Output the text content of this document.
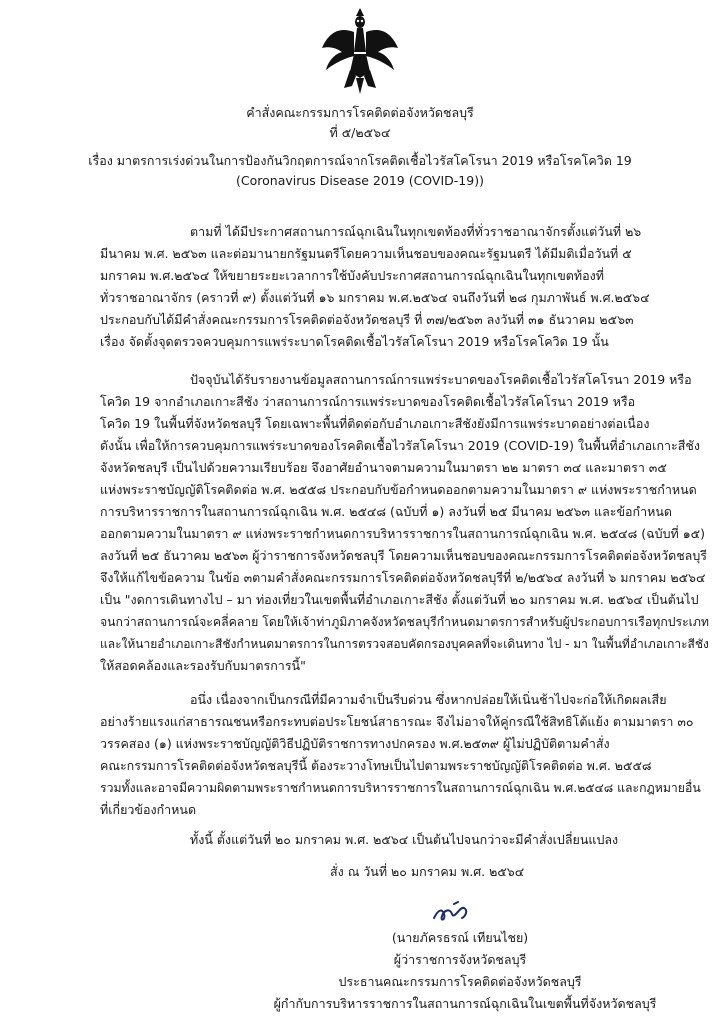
คำสั่งคณะกรรมการโรคติดต่อจังหวัดชลบุรี
ที่ ๕/๒๕๖๔
เรื่อง มาตรการเร่งด่วนในการป้องกันวิกฤตการณ์จากโรคติดเชื้อไวรัสโคโรนา 2019 หรือโรคโควิด 19
(Coronavirus Disease 2019 (COVID-19))
ตามที่ ได้มีประกาศสถานการณ์ฉุกเฉินในทุกเขตท้องที่ทั่วราชอาณาจักรตั้งแต่วันที่ ๒๖
มีนาคม พ.ศ. ๒๕๖๓ และต่อมานายกรัฐมนตรีโดยความเห็นชอบของคณะรัฐมนตรี ได้มีมติเมื่อวันที่ ๕
มกราคม พ.ศ.๒๕๖๔ ให้ขยายระยะเวลาการใช้บังคับประกาศสถานการณ์ฉุกเฉินในทุกเขตท้องที่
ทั่วราชอาณาจักร (คราวที่ ๙) ตั้งแต่วันที่ ๑๖ มกราคม พ.ศ.๒๕๖๔ จนถึงวันที่ ๒๘ กุมภาพันธ์ พ.ศ.๒๕๖๔
ประกอบกับได้มีคำสั่งคณะกรรมการโรคติดต่อจังหวัดชลบุรี ที่ ๓๗/๒๕๖๓ ลงวันที่ ๓๑ ธันวาคม ๒๕๖๓
เรื่อง จัดตั้งจุดตรวจควบคุมการแพร่ระบาดโรคติดเชื้อไวรัสโคโรนา 2019 หรือโรคโควิด 19 นั้น
ปัจจุบันได้รับรายงานข้อมูลสถานการณ์การแพร่ระบาดของโรคติดเชื้อไวรัสโคโรนา 2019 หรือ
โควิด 19 จากอำเภอเกาะสีชัง ว่าสถานการณ์การแพร่ระบาดของโรคติดเชื้อไวรัสโคโรนา 2019 หรือ
โควิด 19 ในพื้นที่จังหวัดชลบุรี โดยเฉพาะพื้นที่ติดต่อกับอำเภอเกาะสีชังยังมีการแพร่ระบาดอย่างต่อเนื่อง
ดังนั้น เพื่อให้การควบคุมการแพร่ระบาดของโรคติดเชื้อไวรัสโคโรนา 2019 (COVID-19) ในพื้นที่อำเภอเกาะสีชัง
จังหวัดชลบุรี เป็นไปด้วยความเรียบร้อย จึงอาศัยอำนาจตามความในมาตรา ๒๒ มาตรา ๓๔ และมาตรา ๓๕
แห่งพระราชบัญญัติโรคติดต่อ พ.ศ. ๒๕๕๘ ประกอบกับข้อกำหนดออกตามความในมาตรา ๙ แห่งพระราชกำหนด
การบริหารราชการในสถานการณ์ฉุกเฉิน พ.ศ. ๒๕๔๘ (ฉบับที่ ๑) ลงวันที่ ๒๕ มีนาคม ๒๕๖๓ และข้อกำหนด
ออกตามความในมาตรา ๙ แห่งพระราชกำหนดการบริหารราชการในสถานการณ์ฉุกเฉิน พ.ศ. ๒๕๔๘ (ฉบับที่ ๑๕)
ลงวันที่ ๒๕ ธันวาคม ๒๕๖๓ ผู้ว่าราชการจังหวัดชลบุรี โดยความเห็นชอบของคณะกรรมการโรคติดต่อจังหวัดชลบุรี
จึงให้แก้ไขข้อความ ในข้อ ๓ตามคำสั่งคณะกรรมการโรคติดต่อจังหวัดชลบุรีที่ ๒/๒๕๖๔ ลงวันที่ ๖ มกราคม ๒๕๖๔
เป็น "งดการเดินทางไป – มา ท่องเที่ยวในเขตพื้นที่อำเภอเกาะสีชัง ตั้งแต่วันที่ ๒๐ มกราคม พ.ศ. ๒๕๖๔ เป็นต้นไป
จนกว่าสถานการณ์จะคลี่คลาย โดยให้เจ้าท่าภูมิภาคจังหวัดชลบุรีกำหนดมาตรการสำหรับผู้ประกอบการเรือทุกประเภท
และให้นายอำเภอเกาะสีชังกำหนดมาตรการในการตรวจสอบคัดกรองบุคคลที่จะเดินทาง ไป - มา ในพื้นที่อำเภอเกาะสีชัง
ให้สอดคล้องและรองรับกับมาตรการนี้"
อนึ่ง เนื่องจากเป็นกรณีที่มีความจำเป็นรีบด่วน ซึ่งหากปล่อยให้เนิ่นช้าไปจะก่อให้เกิดผลเสีย
อย่างร้ายแรงแก่สาธารณชนหรือกระทบต่อประโยชน์สาธารณะ จึงไม่อาจให้คู่กรณีใช้สิทธิโต้แย้ง ตามมาตรา ๓๐
วรรคสอง (๑) แห่งพระราชบัญญัติวิธีปฏิบัติราชการทางปกครอง พ.ศ.๒๕๓๙ ผู้ไม่ปฏิบัติตามคำสั่ง
คณะกรรมการโรคติดต่อจังหวัดชลบุรีนี้ ต้องระวางโทษเป็นไปตามพระราชบัญญัติโรคติดต่อ พ.ศ. ๒๕๕๘
รวมทั้งและอาจมีความผิดตามพระราชกำหนดการบริหารราชการในสถานการณ์ฉุกเฉิน พ.ศ.๒๕๔๘ และกฎหมายอื่น
ที่เกี่ยวข้องกำหนด
ทั้งนี้ ตั้งแต่วันที่ ๒๐ มกราคม พ.ศ. ๒๕๖๔ เป็นต้นไปจนกว่าจะมีคำสั่งเปลี่ยนแปลง
สั่ง ณ วันที่ ๒๐ มกราคม พ.ศ. ๒๕๖๔
(นายภัครธรณ์ เทียนไชย)
ผู้ว่าราชการจังหวัดชลบุรี
ประธานคณะกรรมการโรคติดต่อจังหวัดชลบุรี
ผู้กำกับการบริหารราชการในสถานการณ์ฉุกเฉินในเขตพื้นที่จังหวัดชลบุรี
